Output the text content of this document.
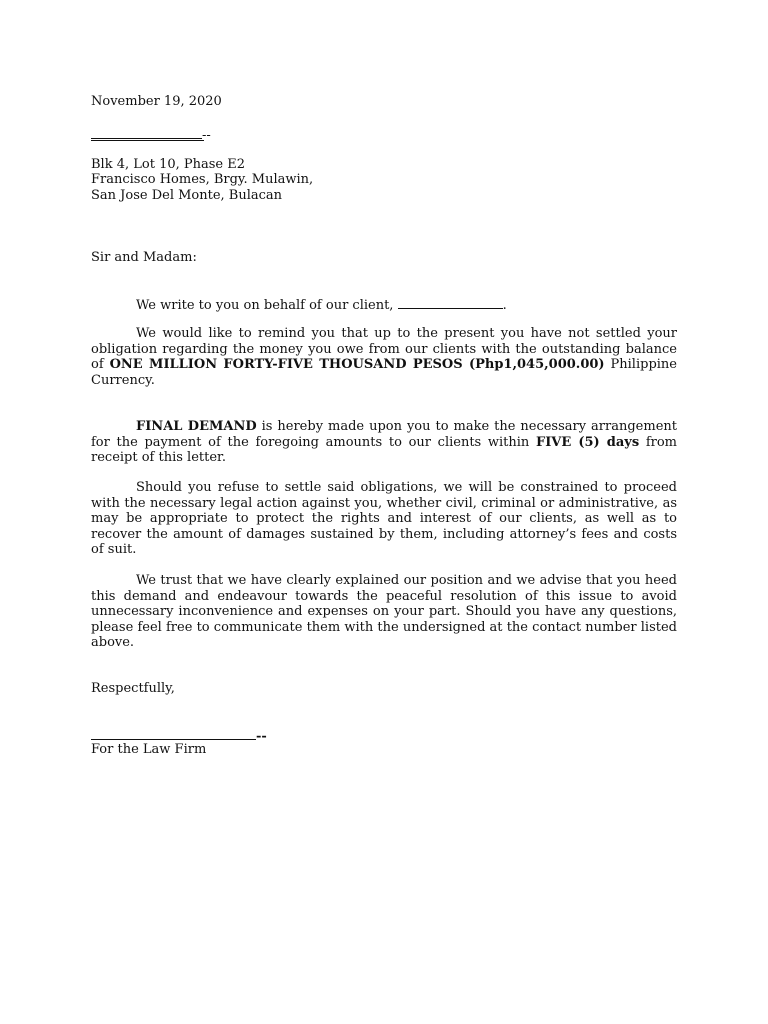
November 19, 2020
--
Blk 4, Lot 10, Phase E2
Francisco Homes, Brgy. Mulawin,
San Jose Del Monte, Bulacan
Sir and Madam:
We write to you on behalf of our client,	.

We would like to remind you that up to the present you have not settled your obligation regarding the money you owe from our clients with the outstanding balance of ONE MILLION FORTY-FIVE THOUSAND PESOS (Php1,045,000.00) Philippine Currency.

FINAL DEMAND is hereby made upon you to make the necessary arrangement for the payment of the foregoing amounts to our clients within FIVE (5) days from receipt of this letter.

Should you refuse to settle said obligations, we will be constrained to proceed with the necessary legal action against you, whether civil, criminal or administrative, as may be appropriate to protect the rights and interest of our clients, as well as to recover the amount of damages sustained by them, including attorney’s fees and costs of suit.

We trust that we have clearly explained our position and we advise that you heed this demand and endeavour towards the peaceful resolution of this issue to avoid unnecessary inconvenience and expenses on your part. Should you have any questions, please feel free to communicate them with the undersigned at the contact number listed above.

Respectfully,
--
For the Law Firm
